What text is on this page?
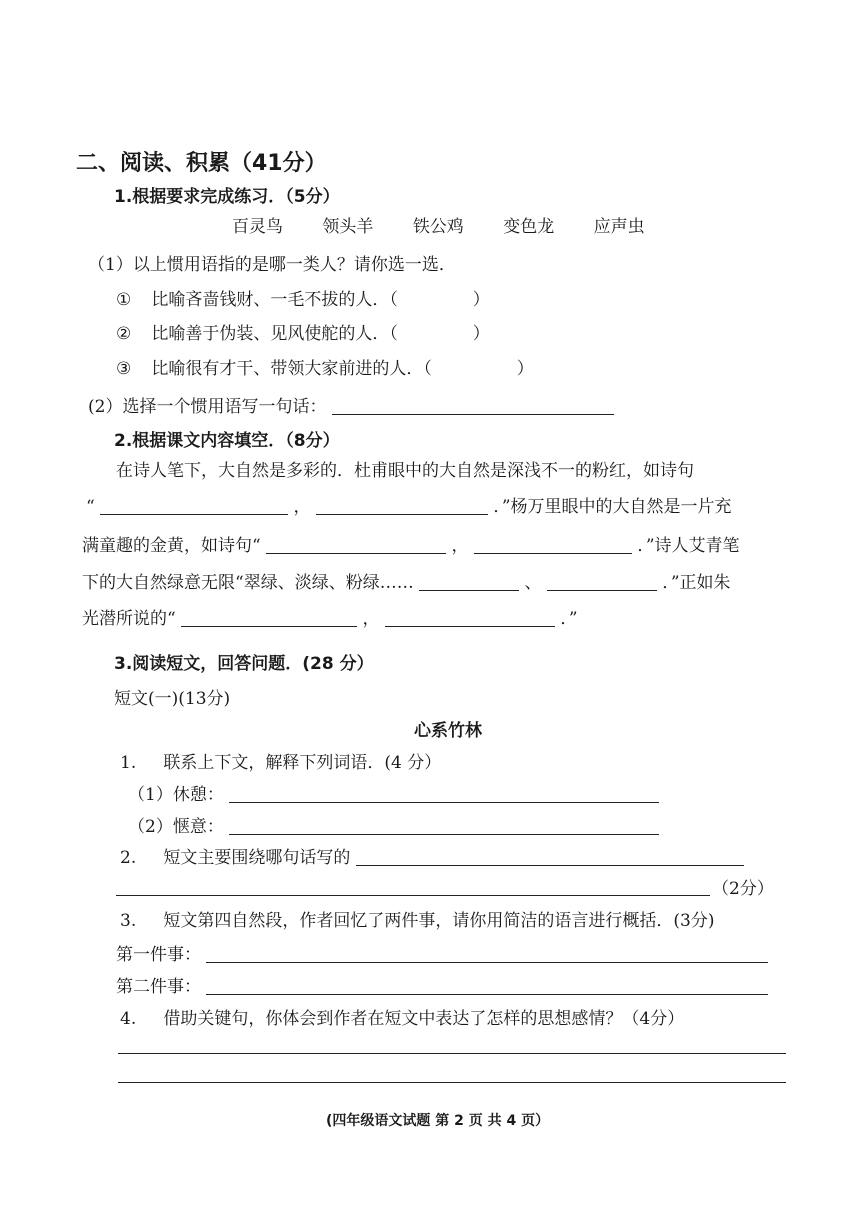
二、阅读、积累（41分）
1.根据要求完成练习．（5分）
百灵鸟 领头羊 铁公鸡 变色龙 应声虫
（1）以上惯用语指的是哪一类人？请你选一选．
① 比喻吝啬钱财、一毛不拔的人．（	）
② 比喻善于伪装、见风使舵的人．（	）
③ 比喻很有才干、带领大家前进的人．（	）
(2）选择一个惯用语写一句话：
2.根据课文内容填空．（8分）
在诗人笔下，大自然是多彩的．杜甫眼中的大自然是深浅不一的粉红，如诗句
“	，	．”杨万里眼中的大自然是一片充
满童趣的金黄，如诗句“	，	．”诗人艾青笔
下的大自然绿意无限“翠绿、淡绿、粉绿……	、	．”正如朱
光潜所说的“	，	．”
3.阅读短文，回答问题．(28 分）
短文(一)(13分)
心系竹林
1. 联系上下文，解释下列词语．(4 分）
（1）休憩：
（2）惬意：
2. 短文主要围绕哪句话写的
（2分）
3. 短文第四自然段，作者回忆了两件事，请你用简洁的语言进行概括．(3分)
第一件事：
第二件事：
4. 借助关键句，你体会到作者在短文中表达了怎样的思想感情？（4分）
(四年级语文试题 第 2 页 共 4 页）
